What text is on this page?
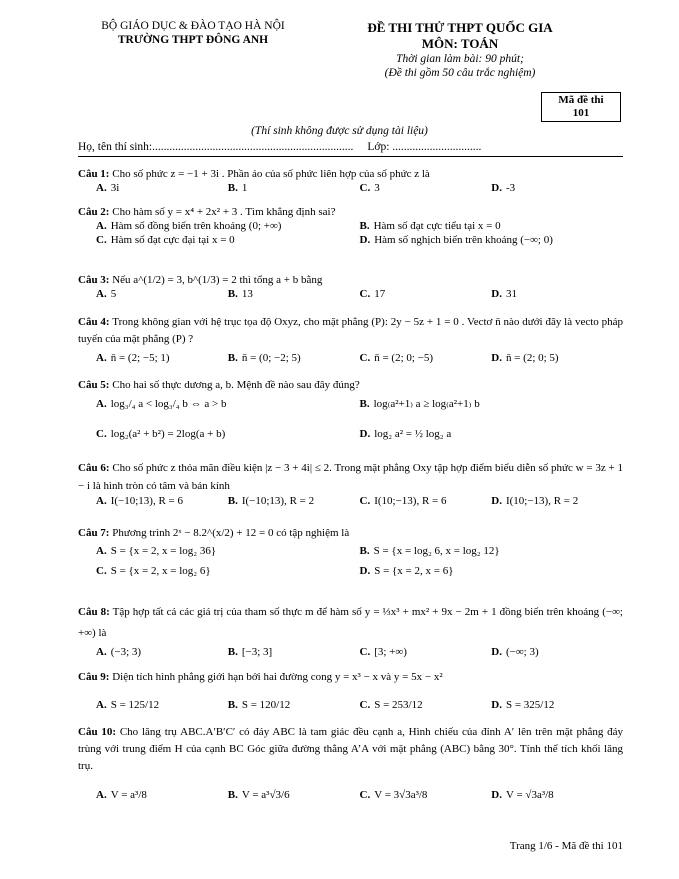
BỘ GIÁO DỤC & ĐÀO TẠO HÀ NỘI
TRƯỜNG THPT ĐÔNG ANH
ĐỀ THI THỬ THPT QUỐC GIA
MÔN: TOÁN
Thời gian làm bài: 90 phút;
(Đề thi gồm 50 câu trắc nghiệm)
Mã đề thi
101
(Thí sinh không được sử dụng tài liệu)
Họ, tên thí sinh:...................................................................... Lớp: ...............................
Câu 1: Cho số phức z = −1 + 3i . Phần ảo của số phức liên hợp của số phức z là
A. 3i	B. 1	C. 3	D. -3
Câu 2: Cho hàm số y = x⁴ + 2x² + 3 . Tìm khẳng định sai?
A. Hàm số đồng biến trên khoảng (0; +∞)	B. Hàm số đạt cực tiểu tại x = 0
C. Hàm số đạt cực đại tại x = 0	D. Hàm số nghịch biến trên khoảng (−∞; 0)
Câu 3: Nếu a^(1/2) = 3, b^(1/3) = 2 thì tổng a + b bằng
A. 5	B. 13	C. 17	D. 31
Câu 4: Trong không gian với hệ trục tọa độ Oxyz, cho mặt phẳng (P): 2y − 5z + 1 = 0 . Vectơ n̄ nào dưới đây là vecto pháp tuyến của mặt phẳng (P) ?
A. n̄ = (2; −5; 1)	B. n̄ = (0; −2; 5)	C. n̄ = (2; 0; −5)	D. n̄ = (2; 0; 5)
Câu 5: Cho hai số thực dương a, b. Mệnh đề nào sau đây đúng?
A. log₃/₄ a < log₃/₄ b ⇔ a > b	B. log₍a²+1₎ a ≥ log₍a²+1₎ b
C. log₂(a² + b²) = 2log(a + b)	D. log₂ a² = ½ log₂ a
Câu 6: Cho số phức z thỏa mãn điều kiện |z − 3 + 4i| ≤ 2. Trong mặt phẳng Oxy tập hợp điểm biểu diễn số phức w = 3z + 1 − i là hình tròn có tâm và bán kính
A. I(−10;13), R = 6	B. I(−10;13), R = 2	C. I(10;−13), R = 6	D. I(10;−13), R = 2
Câu 7: Phương trình 2ˣ − 8.2^(x/2) + 12 = 0 có tập nghiệm là
A. S = {x = 2, x = log₂ 36}	B. S = {x = log₂ 6, x = log₂ 12}
C. S = {x = 2, x = log₂ 6}	D. S = {x = 2, x = 6}
Câu 8: Tập hợp tất cả các giá trị của tham số thực m để hàm số y = ⅓x³ + mx² + 9x − 2m + 1 đồng biến trên khoảng (−∞; +∞) là
A. (−3; 3)	B. [−3; 3]	C. [3; +∞)	D. (−∞; 3)
Câu 9: Diện tích hình phẳng giới hạn bởi hai đường cong y = x³ − x và y = 5x − x²
A. S = 125/12	B. S = 120/12	C. S = 253/12	D. S = 325/12
Câu 10: Cho lăng trụ ABC.A′B′C′ có đáy ABC là tam giác đều cạnh a, Hình chiếu của đỉnh A′ lên trên mặt phẳng đáy trùng với trung điểm H của cạnh BC Góc giữa đường thẳng A’A với mặt phẳng (ABC) bằng 30°. Tính thể tích khối lăng trụ.
A. V = a³/8	B. V = a³√3/6	C. V = 3√3a³/8	D. V = √3a³/8
Trang 1/6 - Mã đề thi 101
